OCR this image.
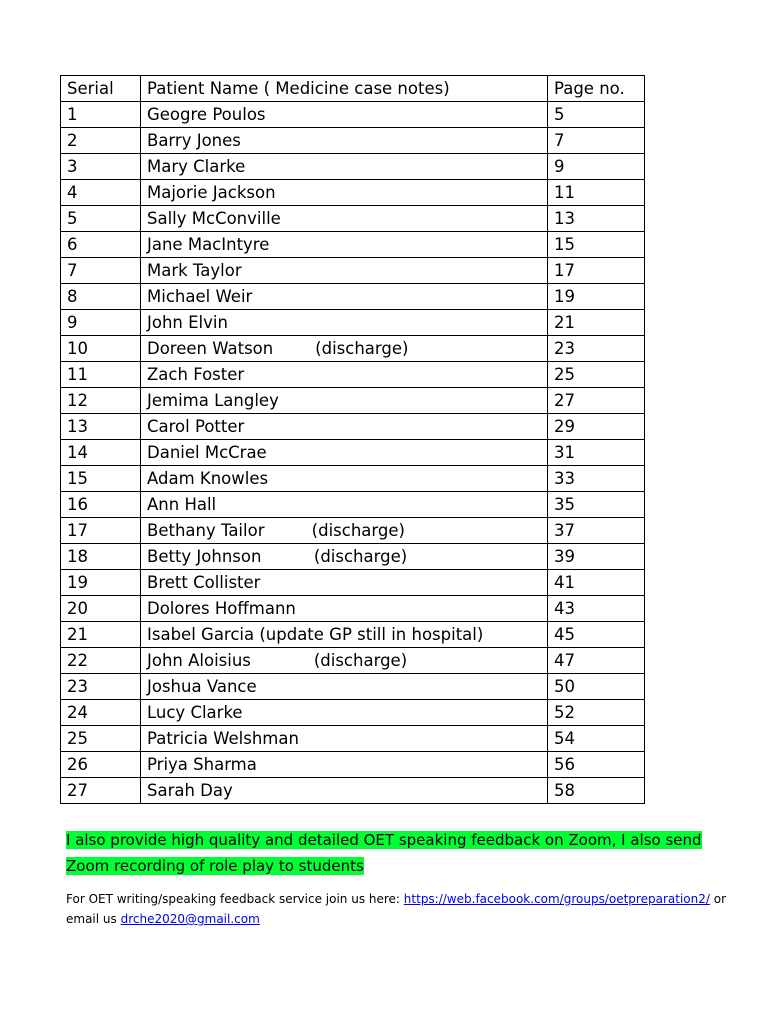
Serial	Patient Name ( Medicine case notes)	Page no.
1	Geogre Poulos	5
2	Barry Jones	7
3	Mary Clarke	9
4	Majorie Jackson	11
5	Sally McConville	13
6	Jane MacIntyre	15
7	Mark Taylor	17
8	Michael Weir	19
9	John Elvin	21
10	Doreen Watson        (discharge)	23
11	Zach Foster	25
12	Jemima Langley	27
13	Carol Potter	29
14	Daniel McCrae	31
15	Adam Knowles	33
16	Ann Hall	35
17	Bethany Tailor         (discharge)	37
18	Betty Johnson          (discharge)	39
19	Brett Collister	41
20	Dolores Hoffmann	43
21	Isabel Garcia (update GP still in hospital)	45
22	John Aloisius            (discharge)	47
23	Joshua Vance	50
24	Lucy Clarke	52
25	Patricia Welshman	54
26	Priya Sharma	56
27	Sarah Day	58
I also provide high quality and detailed OET speaking feedback on Zoom, I also send
Zoom recording of role play to students
For OET writing/speaking feedback service join us here: https://web.facebook.com/groups/oetpreparation2/ or
email us drche2020@gmail.com
